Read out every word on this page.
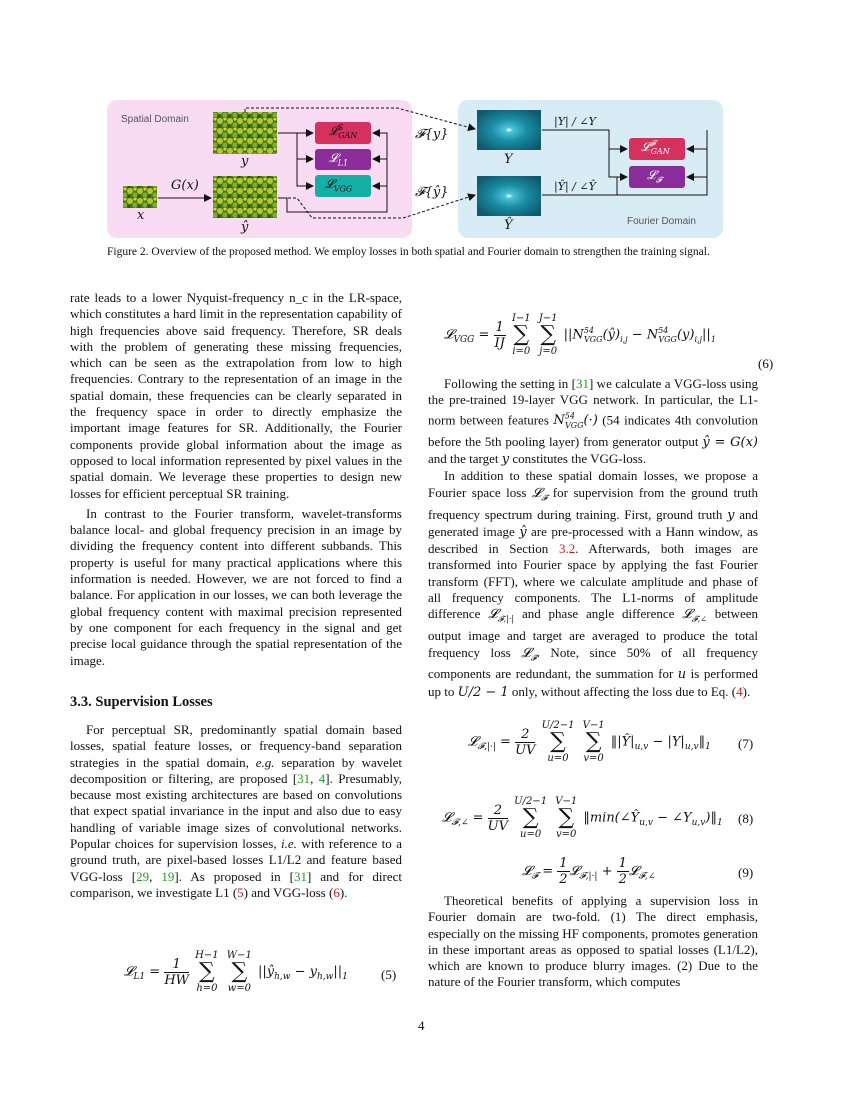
Spatial Domain
Fourier Domain
x
G(x)
y
ŷ
Y
Ŷ
𝓕{y}
𝓕{ŷ}
|Y| / ∠Y
|Ŷ| / ∠Ŷ
𝓛$^S_{GAN}$
𝓛$_{L1}$
𝓛$_{VGG}$
𝓛$^𝓕_{GAN}$
𝓛$_𝓕$
Figure 2. Overview of the proposed method. We employ losses in both spatial and Fourier domain to strengthen the training signal.

rate leads to a lower Nyquist-frequency n_c in the LR-space, which constitutes a hard limit in the representation capability of high frequencies above said frequency. Therefore, SR deals with the problem of generating these missing frequencies, which can be seen as the extrapolation from low to high frequencies. Contrary to the representation of an image in the spatial domain, these frequencies can be clearly separated in the frequency space in order to directly emphasize the important image features for SR. Additionally, the Fourier components provide global information about the image as opposed to local information represented by pixel values in the spatial domain. We leverage these properties to design new losses for efficient perceptual SR training.

In contrast to the Fourier transform, wavelet-transforms balance local- and global frequency precision in an image by dividing the frequency content into different subbands. This property is useful for many practical applications where this information is needed. However, we are not forced to find a balance. For application in our losses, we can both leverage the global frequency content with maximal precision represented by one component for each frequency in the signal and get precise local guidance through the spatial representation of the image.

3.3. Supervision Losses

For perceptual SR, predominantly spatial domain based losses, spatial feature losses, or frequency-band separation strategies in the spatial domain, e.g. separation by wavelet decomposition or filtering, are proposed [31, 4]. Presumably, because most existing architectures are based on convolutions that expect spatial invariance in the input and also due to easy handling of variable image sizes of convolutional networks. Popular choices for supervision losses, i.e. with reference to a ground truth, are pixel-based losses L1/L2 and feature based VGG-loss [29, 19]. As proposed in [31] and for direct comparison, we investigate L1 (5) and VGG-loss (6).

𝓛$_{L1}$ = $\frac{1}{HW}$
H−1
∑
h=0 W−1
∑
w=0 $||ŷ_{h,w} - y_{h,w}||_1$	(5)
𝓛$_{VGG}$ = $\frac{1}{IJ}$
I−1
∑
i=0 J−1
∑
j=0 $||N^{54}_{VGG}(ŷ)_{i,j} - N^{54}_{VGG}(y)_{i,j}||_1$
(6)

Following the setting in [31] we calculate a VGG-loss using the pre-trained 19-layer VGG network. In particular, the L1-norm between features $N^{54}_{VGG}(\cdot)$ (54 indicates 4th convolution before the 5th pooling layer) from generator output ŷ = G(x) and the target y constitutes the VGG-loss.

In addition to these spatial domain losses, we propose a Fourier space loss 𝓛$_𝓕$ for supervision from the ground truth frequency spectrum during training. First, ground truth y and generated image ŷ are pre-processed with a Hann window, as described in Section 3.2. Afterwards, both images are transformed into Fourier space by applying the fast Fourier transform (FFT), where we calculate amplitude and phase of all frequency components. The L1-norms of amplitude difference 𝓛$_{𝓕,|\cdot|}$ and phase angle difference 𝓛$_{𝓕,\angle}$ between output image and target are averaged to produce the total frequency loss 𝓛$_𝓕$. Note, since 50% of all frequency components are redundant, the summation for u is performed up to U/2 − 1 only, without affecting the loss due to Eq. (4).

𝓛$_{𝓕,|\cdot|}$ = $\frac{2}{UV}$
U/2−1
∑
u=0 V−1
∑
v=0 $‖|Ŷ|_{u,v}$ − $|Y|_{u,v}‖_1$ (7)
𝓛$_{𝓕,\angle}$ = $\frac{2}{UV}$
U/2−1
∑
u=0 V−1
∑
v=0 $‖\min(\angle Ŷ_{u,v}$ − $\angle Y_{u,v})‖_1$ (8)
𝓛$_𝓕$ = $\frac{1}{2}$ 𝓛$_{𝓕,|\cdot|}$ + $\frac{1}{2}$ 𝓛$_{𝓕,\angle}$	(9)

Theoretical benefits of applying a supervision loss in Fourier domain are two-fold. (1) The direct emphasis, especially on the missing HF components, promotes generation in these important areas as opposed to spatial losses (L1/L2), which are known to produce blurry images. (2) Due to the nature of the Fourier transform, which computes

4
